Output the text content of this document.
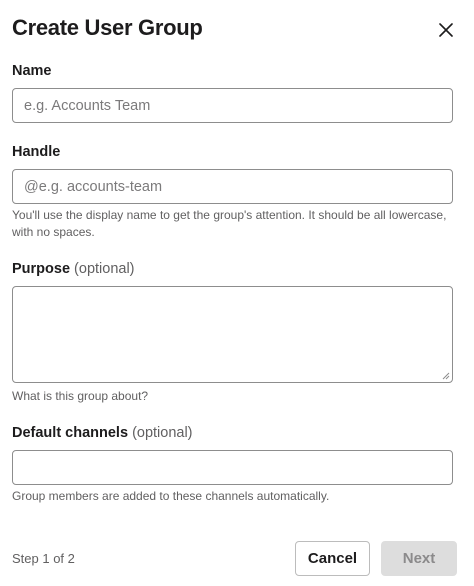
Create User Group
Name
e.g. Accounts Team
Handle
@
e.g. accounts-team
You'll use the display name to get the group's attention. It should be all lowercase, with no spaces.
Purpose (optional)
What is this group about?
Default channels (optional)
Group members are added to these channels automatically.
Step 1 of 2	Cancel	Next
